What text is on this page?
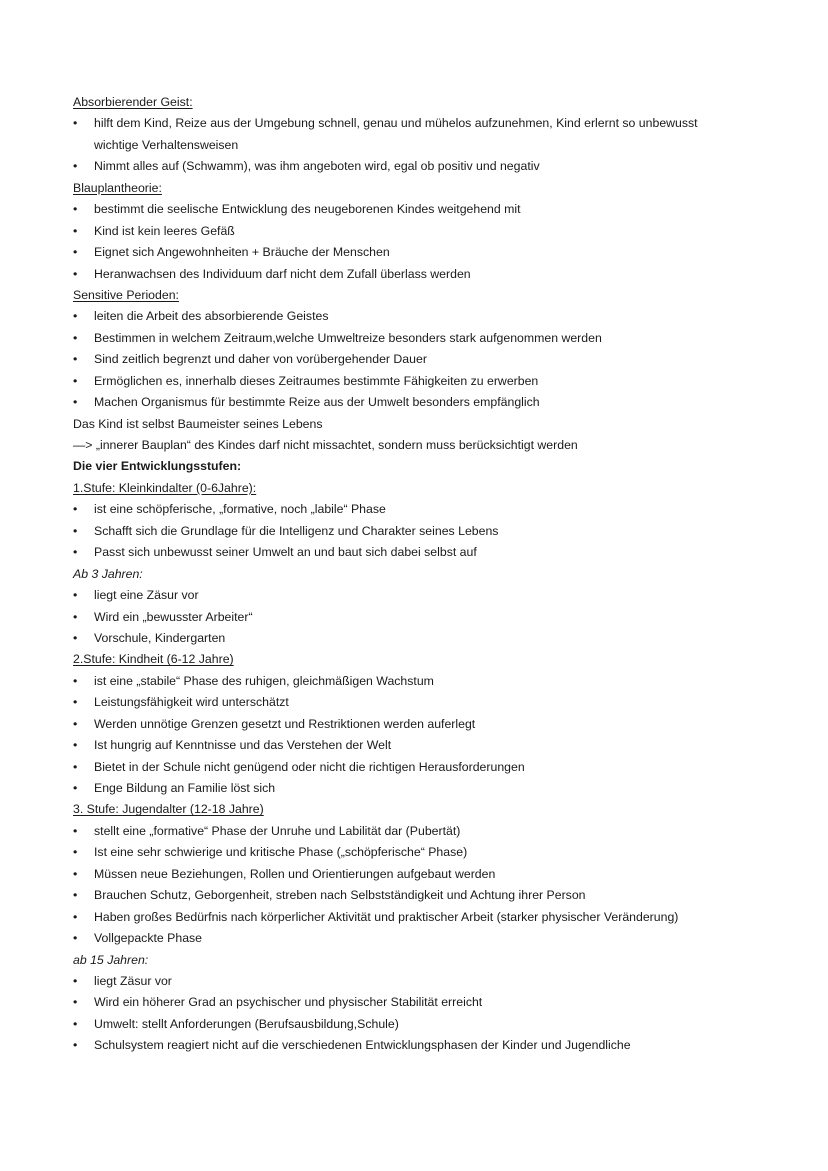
Absorbierender Geist:
• hilft dem Kind, Reize aus der Umgebung schnell, genau und mühelos aufzunehmen, Kind erlernt so unbewusst
wichtige Verhaltensweisen
• Nimmt alles auf (Schwamm), was ihm angeboten wird, egal ob positiv und negativ
Blauplantheorie:
• bestimmt die seelische Entwicklung des neugeborenen Kindes weitgehend mit
• Kind ist kein leeres Gefäß
• Eignet sich Angewohnheiten + Bräuche der Menschen
• Heranwachsen des Individuum darf nicht dem Zufall überlass werden
Sensitive Perioden:
• leiten die Arbeit des absorbierende Geistes
• Bestimmen in welchem Zeitraum,welche Umweltreize besonders stark aufgenommen werden
• Sind zeitlich begrenzt und daher von vorübergehender Dauer
• Ermöglichen es, innerhalb dieses Zeitraumes bestimmte Fähigkeiten zu erwerben
• Machen Organismus für bestimmte Reize aus der Umwelt besonders empfänglich
Das Kind ist selbst Baumeister seines Lebens
—> „innerer Bauplan“ des Kindes darf nicht missachtet, sondern muss berücksichtigt werden
Die vier Entwicklungsstufen:
1.Stufe: Kleinkindalter (0-6Jahre):
• ist eine schöpferische, „formative, noch „labile“ Phase
• Schafft sich die Grundlage für die Intelligenz und Charakter seines Lebens
• Passt sich unbewusst seiner Umwelt an und baut sich dabei selbst auf
Ab 3 Jahren:
• liegt eine Zäsur vor
• Wird ein „bewusster Arbeiter“
• Vorschule, Kindergarten
2.Stufe: Kindheit (6-12 Jahre)
• ist eine „stabile“ Phase des ruhigen, gleichmäßigen Wachstum
• Leistungsfähigkeit wird unterschätzt
• Werden unnötige Grenzen gesetzt und Restriktionen werden auferlegt
• Ist hungrig auf Kenntnisse und das Verstehen der Welt
• Bietet in der Schule nicht genügend oder nicht die richtigen Herausforderungen
• Enge Bildung an Familie löst sich
3. Stufe: Jugendalter (12-18 Jahre)
• stellt eine „formative“ Phase der Unruhe und Labilität dar (Pubertät)
• Ist eine sehr schwierige und kritische Phase („schöpferische“ Phase)
• Müssen neue Beziehungen, Rollen und Orientierungen aufgebaut werden
• Brauchen Schutz, Geborgenheit, streben nach Selbstständigkeit und Achtung ihrer Person
• Haben großes Bedürfnis nach körperlicher Aktivität und praktischer Arbeit (starker physischer Veränderung)
• Vollgepackte Phase
ab 15 Jahren:
• liegt Zäsur vor
• Wird ein höherer Grad an psychischer und physischer Stabilität erreicht
• Umwelt: stellt Anforderungen (Berufsausbildung,Schule)
• Schulsystem reagiert nicht auf die verschiedenen Entwicklungsphasen der Kinder und Jugendliche
